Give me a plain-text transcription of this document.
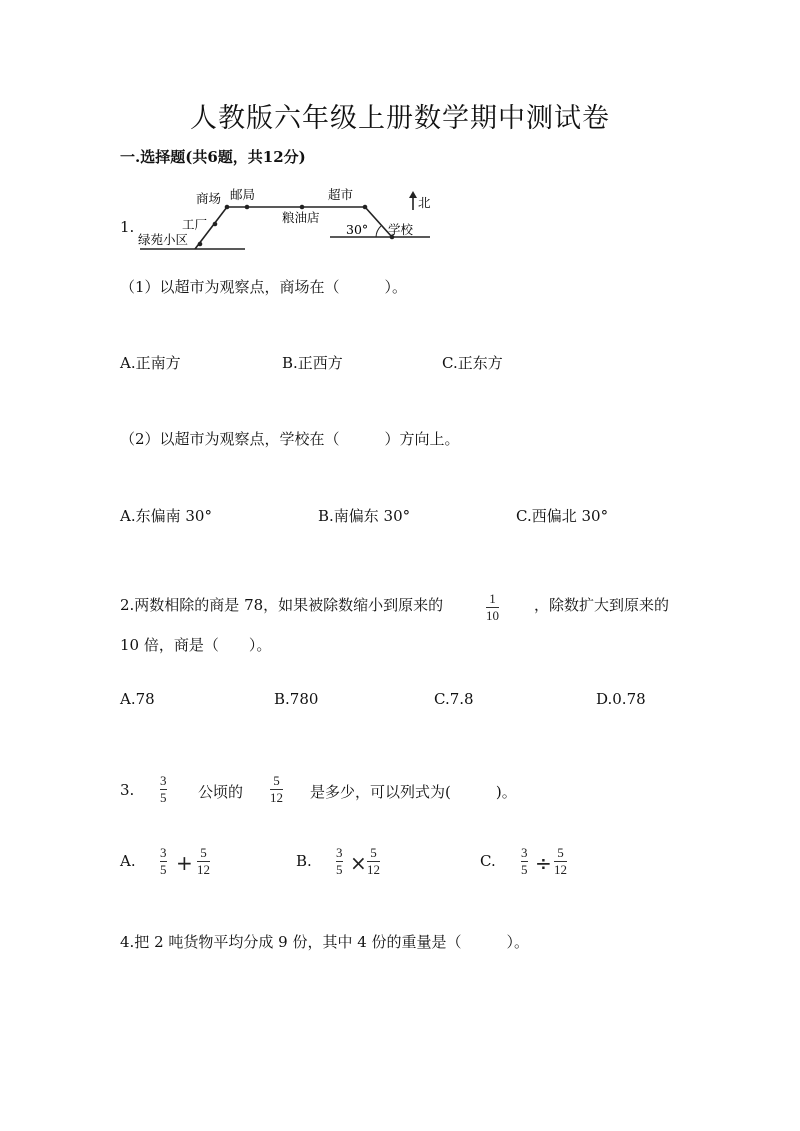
人教版六年级上册数学期中测试卷
一.选择题(共6题，共12分)
1.
商场 邮局
工厂	粮油店
超市
北
30° 学校
绿苑小区
（1）以超市为观察点，商场在（　　　）。
A.正南方	B.正西方	C.正东方
（2）以超市为观察点，学校在（　　　）方向上。
A.东偏南 30°	B.南偏东 30°	C.西偏北 30°
2.两数相除的商是 78，如果被除数缩小到原来的	1
10
，除数扩大到原来的
10 倍，商是（　　）。
A.78	B.780	C.7.8	D.0.78
3.
3
5 公顷的
5
12 是多少，可以列式为(　　　)。
A. 3
5 + 5
12	B. 3
5 × 5
12	C. 3
5 ÷ 5
12
4.把 2 吨货物平均分成 9 份，其中 4 份的重量是（　　　）。
